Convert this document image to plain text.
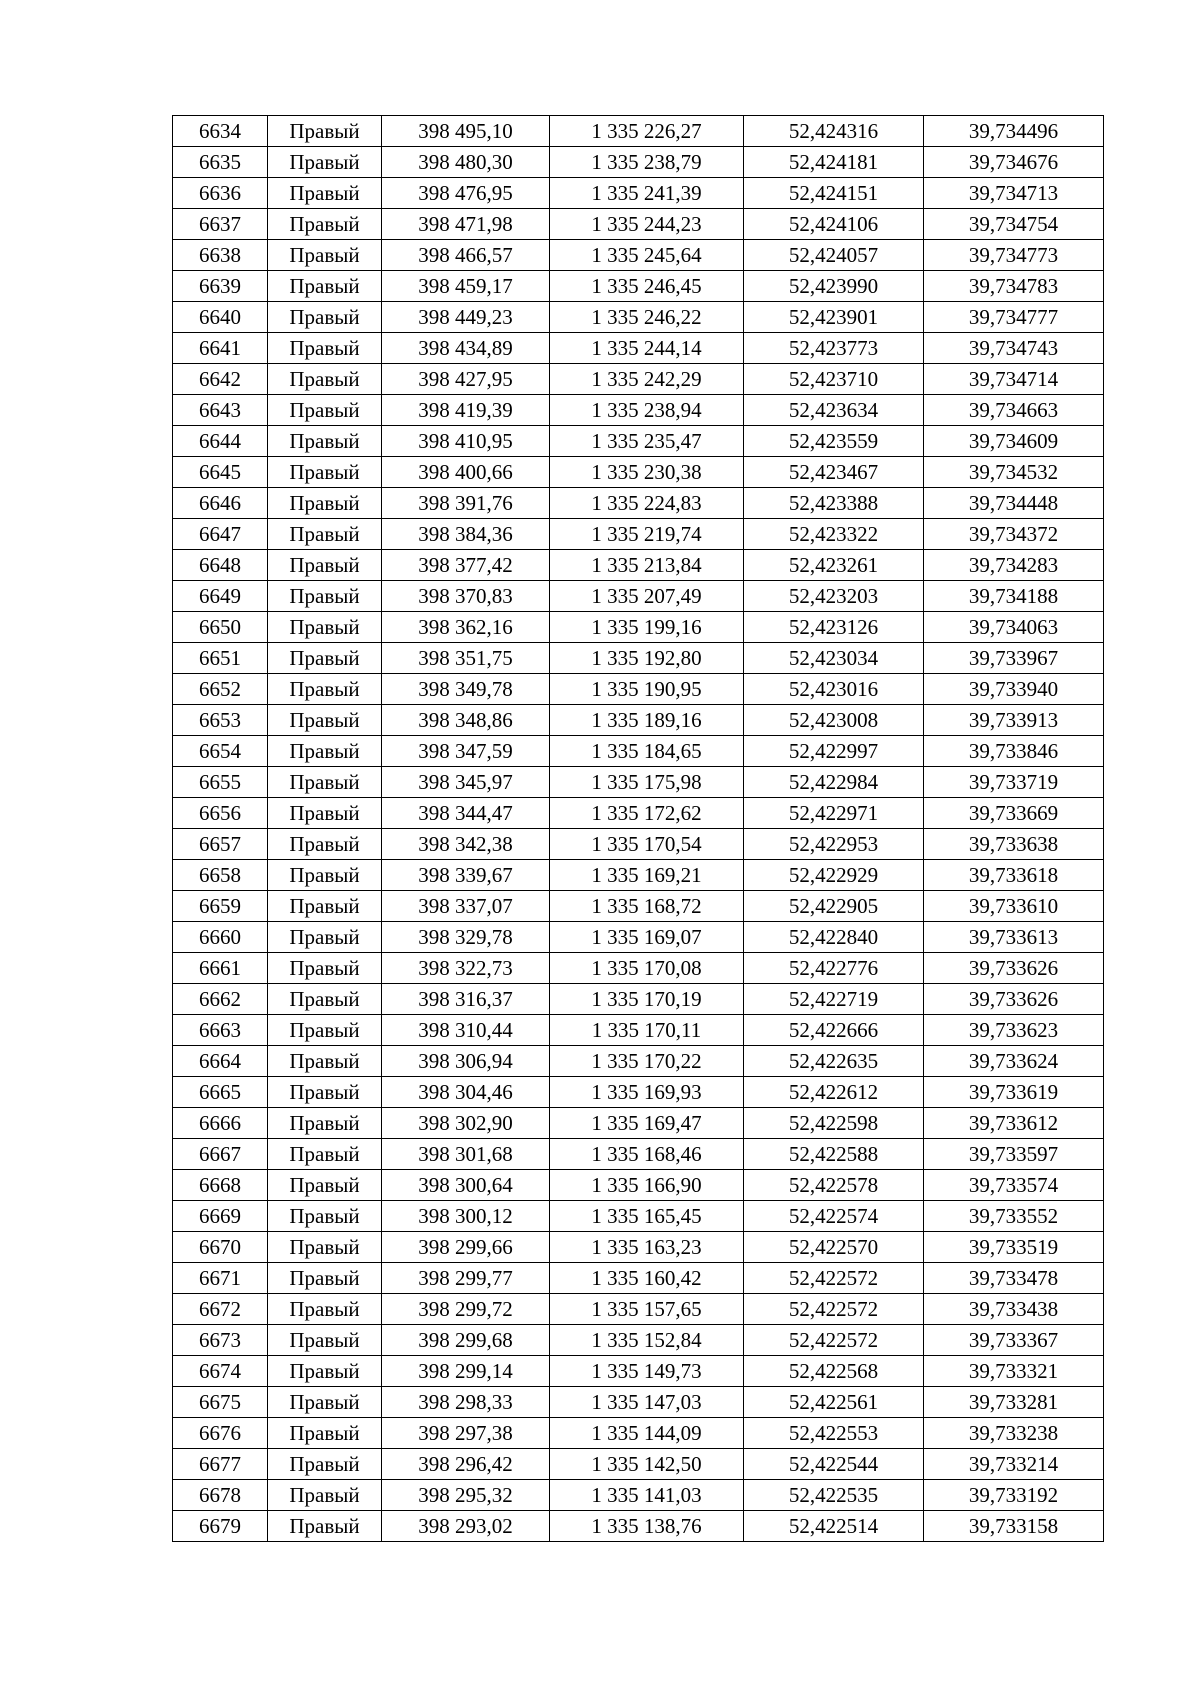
6634	Правый	398 495,10	1 335 226,27	52,424316	39,734496
6635	Правый	398 480,30	1 335 238,79	52,424181	39,734676
6636	Правый	398 476,95	1 335 241,39	52,424151	39,734713
6637	Правый	398 471,98	1 335 244,23	52,424106	39,734754
6638	Правый	398 466,57	1 335 245,64	52,424057	39,734773
6639	Правый	398 459,17	1 335 246,45	52,423990	39,734783
6640	Правый	398 449,23	1 335 246,22	52,423901	39,734777
6641	Правый	398 434,89	1 335 244,14	52,423773	39,734743
6642	Правый	398 427,95	1 335 242,29	52,423710	39,734714
6643	Правый	398 419,39	1 335 238,94	52,423634	39,734663
6644	Правый	398 410,95	1 335 235,47	52,423559	39,734609
6645	Правый	398 400,66	1 335 230,38	52,423467	39,734532
6646	Правый	398 391,76	1 335 224,83	52,423388	39,734448
6647	Правый	398 384,36	1 335 219,74	52,423322	39,734372
6648	Правый	398 377,42	1 335 213,84	52,423261	39,734283
6649	Правый	398 370,83	1 335 207,49	52,423203	39,734188
6650	Правый	398 362,16	1 335 199,16	52,423126	39,734063
6651	Правый	398 351,75	1 335 192,80	52,423034	39,733967
6652	Правый	398 349,78	1 335 190,95	52,423016	39,733940
6653	Правый	398 348,86	1 335 189,16	52,423008	39,733913
6654	Правый	398 347,59	1 335 184,65	52,422997	39,733846
6655	Правый	398 345,97	1 335 175,98	52,422984	39,733719
6656	Правый	398 344,47	1 335 172,62	52,422971	39,733669
6657	Правый	398 342,38	1 335 170,54	52,422953	39,733638
6658	Правый	398 339,67	1 335 169,21	52,422929	39,733618
6659	Правый	398 337,07	1 335 168,72	52,422905	39,733610
6660	Правый	398 329,78	1 335 169,07	52,422840	39,733613
6661	Правый	398 322,73	1 335 170,08	52,422776	39,733626
6662	Правый	398 316,37	1 335 170,19	52,422719	39,733626
6663	Правый	398 310,44	1 335 170,11	52,422666	39,733623
6664	Правый	398 306,94	1 335 170,22	52,422635	39,733624
6665	Правый	398 304,46	1 335 169,93	52,422612	39,733619
6666	Правый	398 302,90	1 335 169,47	52,422598	39,733612
6667	Правый	398 301,68	1 335 168,46	52,422588	39,733597
6668	Правый	398 300,64	1 335 166,90	52,422578	39,733574
6669	Правый	398 300,12	1 335 165,45	52,422574	39,733552
6670	Правый	398 299,66	1 335 163,23	52,422570	39,733519
6671	Правый	398 299,77	1 335 160,42	52,422572	39,733478
6672	Правый	398 299,72	1 335 157,65	52,422572	39,733438
6673	Правый	398 299,68	1 335 152,84	52,422572	39,733367
6674	Правый	398 299,14	1 335 149,73	52,422568	39,733321
6675	Правый	398 298,33	1 335 147,03	52,422561	39,733281
6676	Правый	398 297,38	1 335 144,09	52,422553	39,733238
6677	Правый	398 296,42	1 335 142,50	52,422544	39,733214
6678	Правый	398 295,32	1 335 141,03	52,422535	39,733192
6679	Правый	398 293,02	1 335 138,76	52,422514	39,733158
